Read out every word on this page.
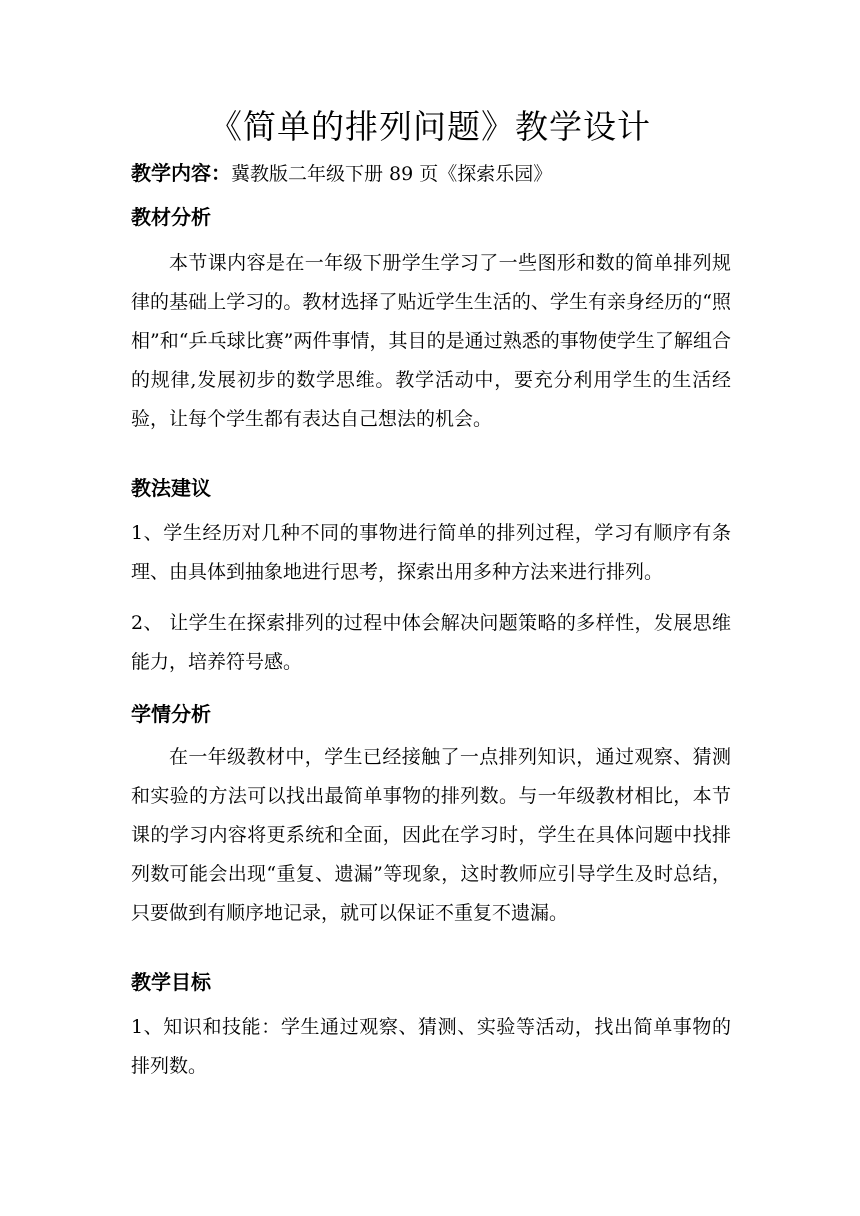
《简单的排列问题》教学设计
教学内容：冀教版二年级下册 89 页《探索乐园》
教材分析
本节课内容是在一年级下册学生学习了一些图形和数的简单排列规律的基础上学习的。教材选择了贴近学生生活的、学生有亲身经历的“照相”和“乒乓球比赛”两件事情，其目的是通过熟悉的事物使学生了解组合的规律,发展初步的数学思维。教学活动中，要充分利用学生的生活经验，让每个学生都有表达自己想法的机会。
教法建议
1、学生经历对几种不同的事物进行简单的排列过程，学习有顺序有条理、由具体到抽象地进行思考，探索出用多种方法来进行排列。
2、 让学生在探索排列的过程中体会解决问题策略的多样性，发展思维能力，培养符号感。
学情分析
在一年级教材中，学生已经接触了一点排列知识，通过观察、猜测和实验的方法可以找出最简单事物的排列数。与一年级教材相比，本节课的学习内容将更系统和全面，因此在学习时，学生在具体问题中找排列数可能会出现“重复、遗漏”等现象，这时教师应引导学生及时总结，只要做到有顺序地记录，就可以保证不重复不遗漏。
教学目标
1、知识和技能：学生通过观察、猜测、实验等活动，找出简单事物的排列数。
